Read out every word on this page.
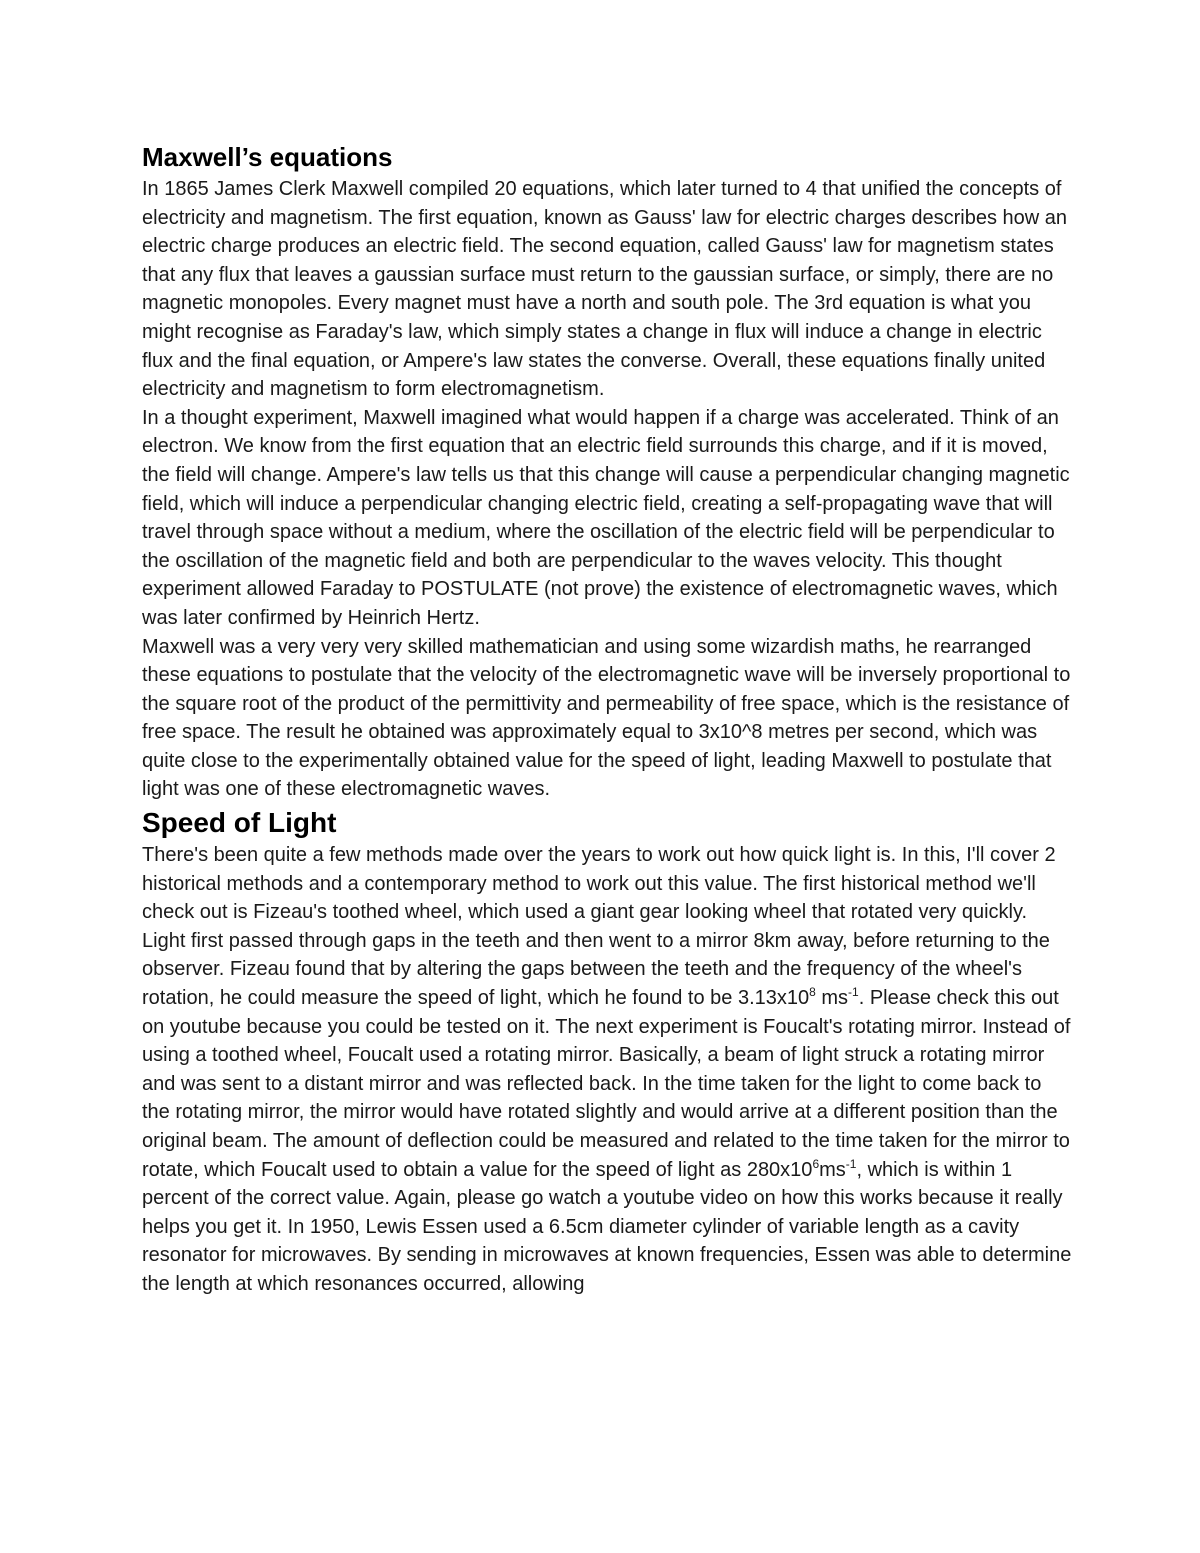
Maxwell’s equations

In 1865 James Clerk Maxwell compiled 20 equations, which later turned to 4 that unified the concepts of electricity and magnetism. The first equation, known as Gauss' law for electric charges describes how an electric charge produces an electric field. The second equation, called Gauss' law for magnetism states that any flux that leaves a gaussian surface must return to the gaussian surface, or simply, there are no magnetic monopoles. Every magnet must have a north and south pole. The 3rd equation is what you might recognise as Faraday's law, which simply states a change in flux will induce a change in electric flux and the final equation, or Ampere's law states the converse. Overall, these equations finally united electricity and magnetism to form electromagnetism.

In a thought experiment, Maxwell imagined what would happen if a charge was accelerated. Think of an electron. We know from the first equation that an electric field surrounds this charge, and if it is moved, the field will change. Ampere's law tells us that this change will cause a perpendicular changing magnetic field, which will induce a perpendicular changing electric field, creating a self-propagating wave that will travel through space without a medium, where the oscillation of the electric field will be perpendicular to the oscillation of the magnetic field and both are perpendicular to the waves velocity. This thought experiment allowed Faraday to POSTULATE (not prove) the existence of electromagnetic waves, which was later confirmed by Heinrich Hertz.

Maxwell was a very very very skilled mathematician and using some wizardish maths, he rearranged these equations to postulate that the velocity of the electromagnetic wave will be inversely proportional to the square root of the product of the permittivity and permeability of free space, which is the resistance of free space. The result he obtained was approximately equal to 3x10^8 metres per second, which was quite close to the experimentally obtained value for the speed of light, leading Maxwell to postulate that light was one of these electromagnetic waves.

Speed of Light

There's been quite a few methods made over the years to work out how quick light is. In this, I'll cover 2 historical methods and a contemporary method to work out this value. The first historical method we'll check out is Fizeau's toothed wheel, which used a giant gear looking wheel that rotated very quickly. Light first passed through gaps in the teeth and then went to a mirror 8km away, before returning to the observer. Fizeau found that by altering the gaps between the teeth and the frequency of the wheel's rotation, he could measure the speed of light, which he found to be $3.13x10^8$ $ms^{-1}$. Please check this out on youtube because you could be tested on it. The next experiment is Foucalt's rotating mirror. Instead of using a toothed wheel, Foucalt used a rotating mirror. Basically, a beam of light struck a rotating mirror and was sent to a distant mirror and was reflected back. In the time taken for the light to come back to the rotating mirror, the mirror would have rotated slightly and would arrive at a different position than the original beam. The amount of deflection could be measured and related to the time taken for the mirror to rotate, which Foucalt used to obtain a value for the speed of light as $280x10^6ms^{-1}$, which is within 1 percent of the correct value. Again, please go watch a youtube video on how this works because it really helps you get it. In 1950, Lewis Essen used a 6.5cm diameter cylinder of variable length as a cavity resonator for microwaves. By sending in microwaves at known frequencies, Essen was able to determine the length at which resonances occurred, allowing
